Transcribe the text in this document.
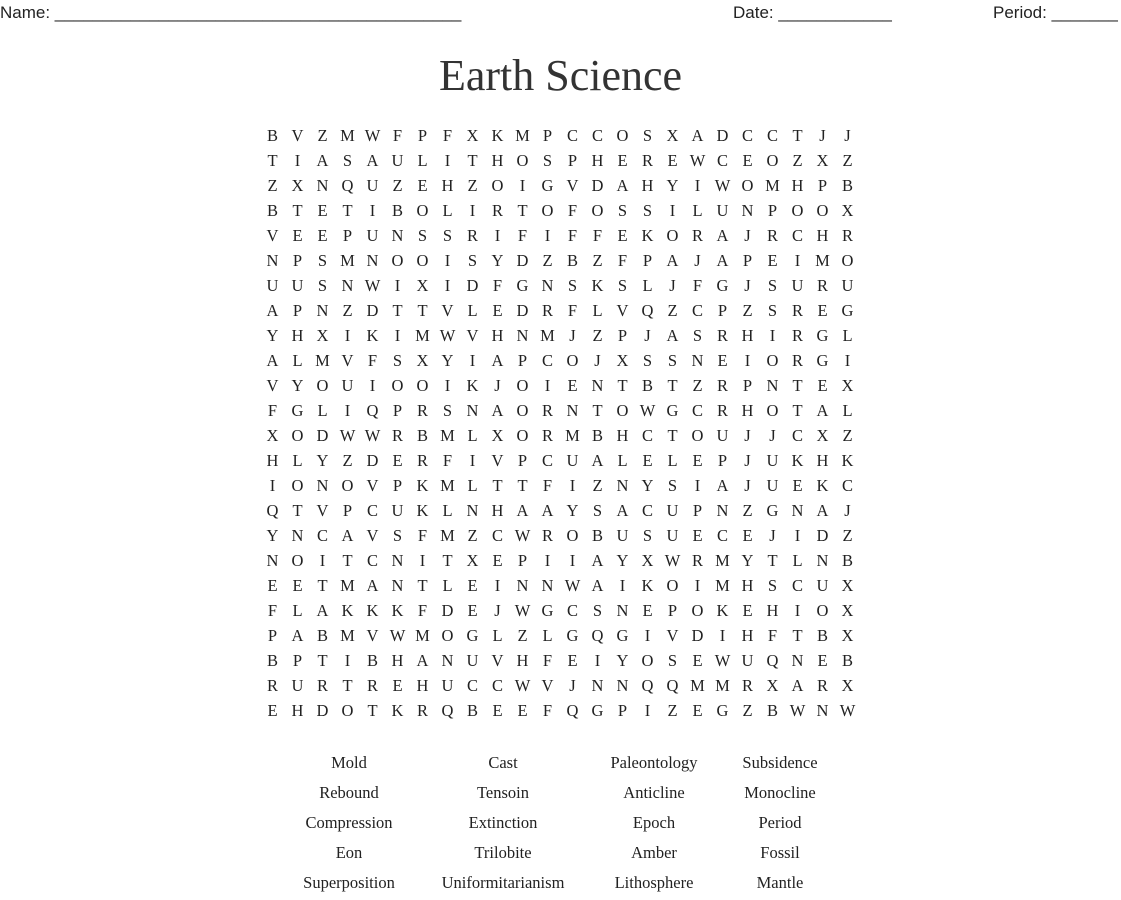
Name: ___________________________________________	Date: ____________	Period: _______
Earth Science
B V Z M W F P F X K M P C C O S X A D C C T	J	J
T	I A S A U L	I	T H O S P H E R E W C E O Z X Z
Z X N Q U Z E H Z O I G V D A H Y I W O M H P B
B T E T	I	B O L	I	R T O F O S S	I	L U N P O O X
V E E P U N S S R	I	F	I	F F E K O R A J R C H R
N P S M N O O I	S Y D Z B Z F P A J A P E	I M O
U U S N W I X I D F G N S K S L	J	F G J	S U R U
A P N Z D T T V L E D R F L V Q Z C P Z S R E G
Y H X I K I M W V H N M J	Z P	J A S R H I	R G L
A L M V F S X Y I A P C O J X S S N E	I O R G I
V Y O U I O O I K J O I	E N T B T Z R P N T E X
F G L	I Q P R S N A O R N T O W G C R H O T A L
X O D W W R B M L X O R M B H C T O U J	J C X Z
H L Y Z D E R F	I V P C U A L E L E P	J U K H K
I O N O V P K M L T T F	I	Z N Y S	I A J U E K C
Q T V P C U K L N H A A Y S A C U P N Z G N A J
Y N C A V S F M Z C W R O B U S U E C E	J	I D Z
N O I	T C N I	T X E P	I	I A Y X W R M Y T L N B
E E T M A N T L E	I N N W A I K O I M H S C U X
F L A K K K F D E	J W G C S N E P O K E H I O X
P A B M V W M O G L Z L G Q G I V D I H F T B X
B P T	I	B H A N U V H F E	I Y O S E W U Q N E B
R U R T R E H U C C W V J N N Q Q M M R X A R X
E H D O T K R Q B E E F Q G P	I	Z E G Z B W N W
Mold	Cast	Paleontology	Subsidence
Rebound	Tensoin	Anticline	Monocline
Compression	Extinction	Epoch	Period
Eon	Trilobite	Amber	Fossil
Superposition	Uniformitarianism	Lithosphere	Mantle
